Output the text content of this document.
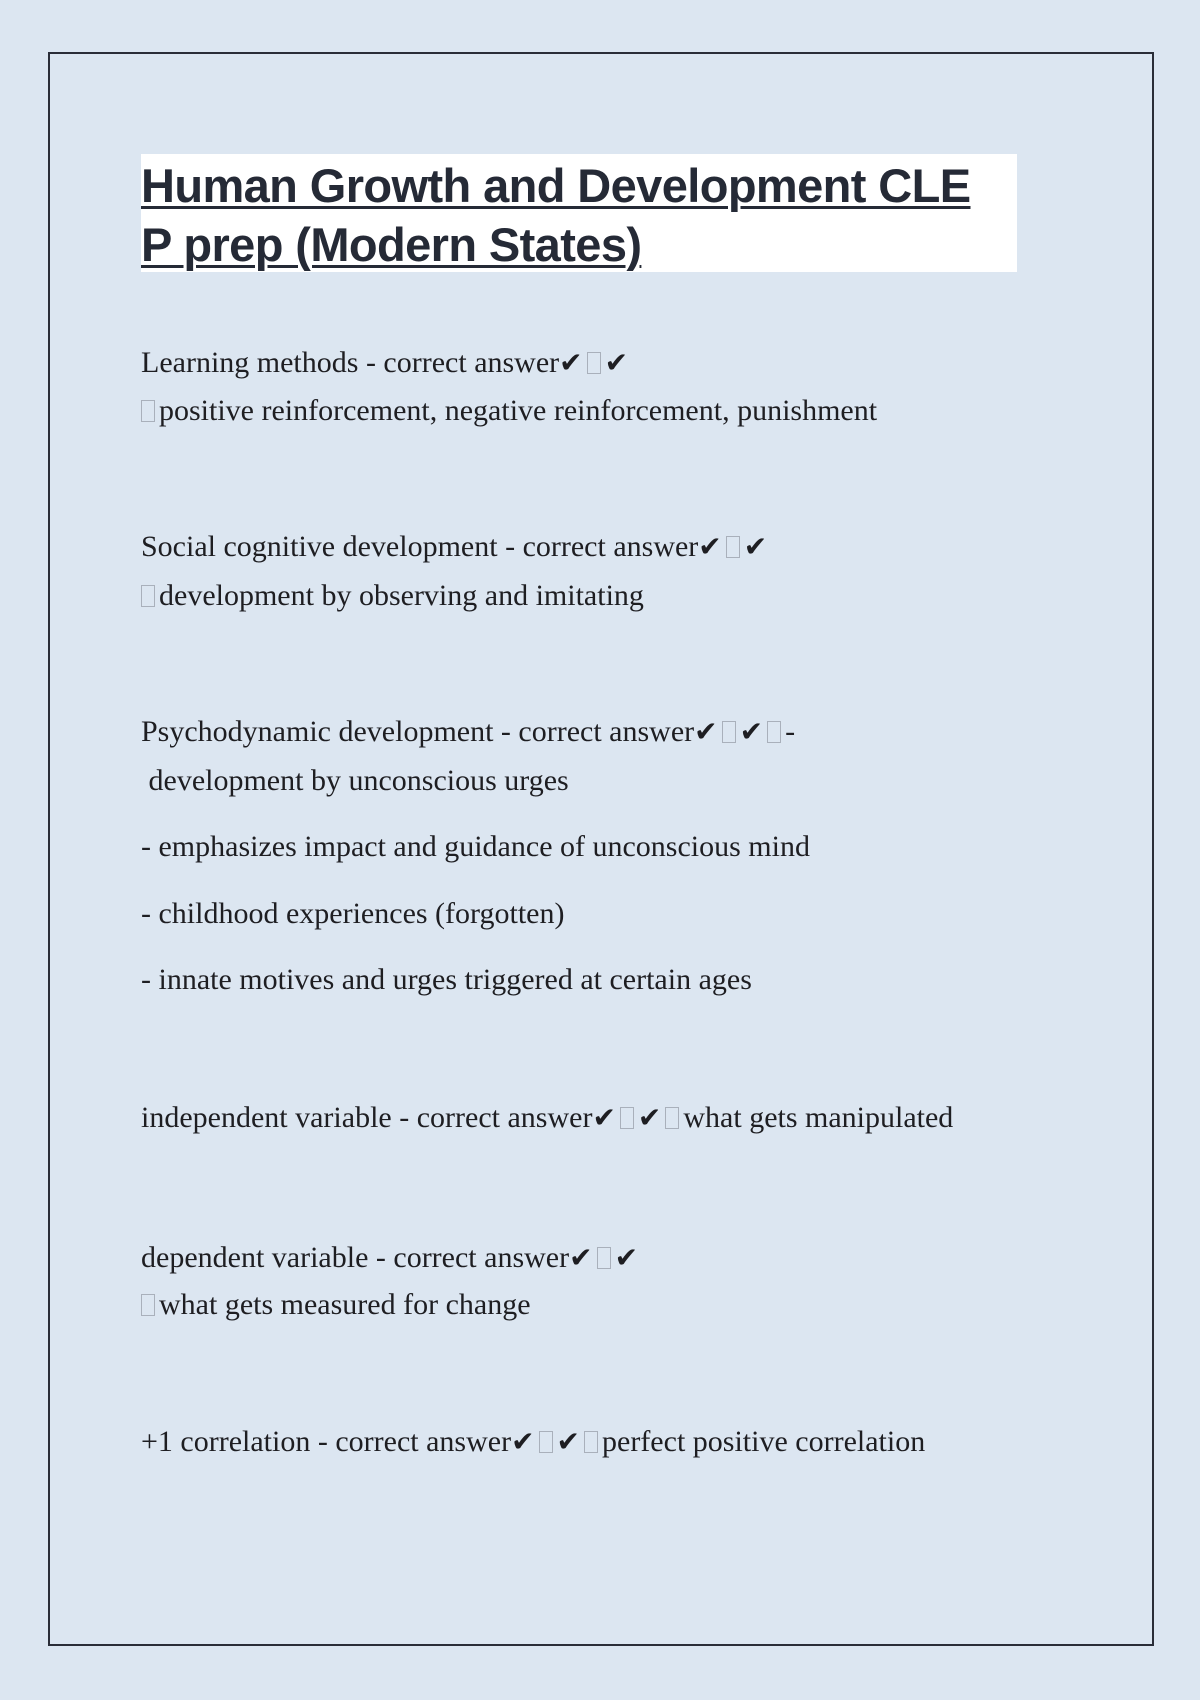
Human Growth and Development CLE
P prep (Modern States)
Learning methods - correct answer✔ ✔
positive reinforcement, negative reinforcement, punishment
Social cognitive development - correct answer✔ ✔
development by observing and imitating
Psychodynamic development - correct answer✔ ✔ -
development by unconscious urges
- emphasizes impact and guidance of unconscious mind
- childhood experiences (forgotten)
- innate motives and urges triggered at certain ages
independent variable - correct answer✔ ✔ what gets manipulated
dependent variable - correct answer✔ ✔
what gets measured for change
+1 correlation - correct answer✔ ✔ perfect positive correlation
